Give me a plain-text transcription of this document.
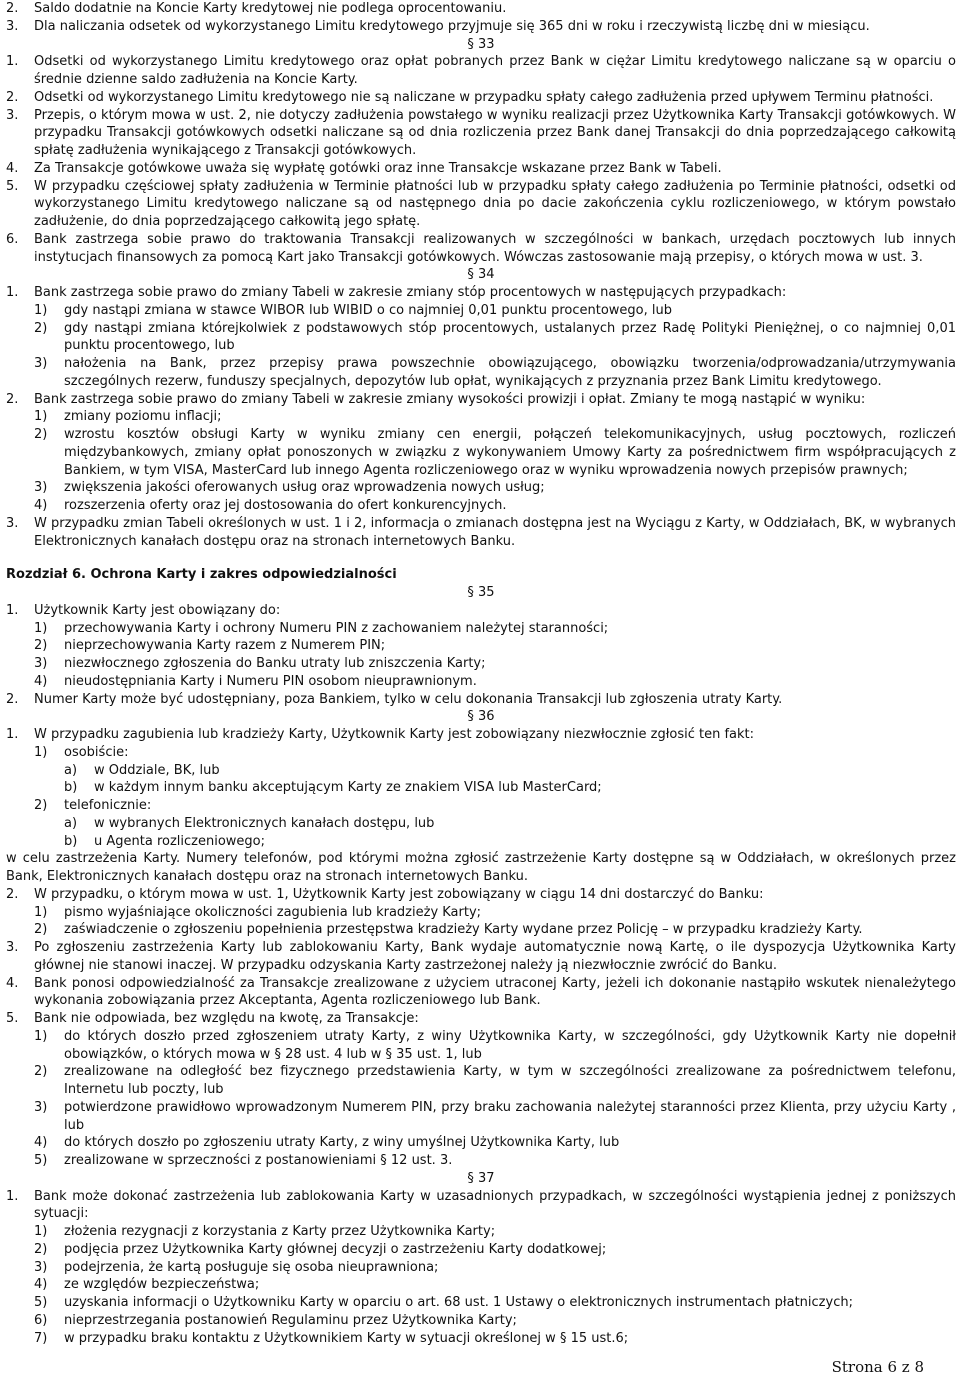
2.	Saldo dodatnie na Koncie Karty kredytowej nie podlega oprocentowaniu.
3.	Dla naliczania odsetek od wykorzystanego Limitu kredytowego przyjmuje się 365 dni w roku i rzeczywistą liczbę dni w miesiącu.
§ 33
1.	Odsetki od wykorzystanego Limitu kredytowego oraz opłat pobranych przez Bank w ciężar Limitu kredytowego naliczane są w oparciu o średnie dzienne saldo zadłużenia na Koncie Karty.
2.	Odsetki od wykorzystanego Limitu kredytowego nie są naliczane w przypadku spłaty całego zadłużenia przed upływem Terminu płatności.
3.	Przepis, o którym mowa w ust. 2, nie dotyczy zadłużenia powstałego w wyniku realizacji przez Użytkownika Karty Transakcji gotówkowych. W przypadku Transakcji gotówkowych odsetki naliczane są od dnia rozliczenia przez Bank danej Transakcji do dnia poprzedzającego całkowitą spłatę zadłużenia wynikającego z Transakcji gotówkowych.
4.	Za Transakcje gotówkowe uważa się wypłatę gotówki oraz inne Transakcje wskazane przez Bank w Tabeli.
5.	W przypadku częściowej spłaty zadłużenia w Terminie płatności lub w przypadku spłaty całego zadłużenia po Terminie płatności, odsetki od wykorzystanego Limitu kredytowego naliczane są od następnego dnia po dacie zakończenia cyklu rozliczeniowego, w którym powstało zadłużenie, do dnia poprzedzającego całkowitą jego spłatę.
6.	Bank zastrzega sobie prawo do traktowania Transakcji realizowanych w szczególności w bankach, urzędach pocztowych lub innych instytucjach finansowych za pomocą Kart jako Transakcji gotówkowych. Wówczas zastosowanie mają przepisy, o których mowa w ust. 3.
§ 34
1.	Bank zastrzega sobie prawo do zmiany Tabeli w zakresie zmiany stóp procentowych w następujących przypadkach:
1)	gdy nastąpi zmiana w stawce WIBOR lub WIBID o co najmniej 0,01 punktu procentowego, lub
2)	gdy nastąpi zmiana którejkolwiek z podstawowych stóp procentowych, ustalanych przez Radę Polityki Pieniężnej, o co najmniej 0,01 punktu procentowego, lub
3)	nałożenia na Bank, przez przepisy prawa powszechnie obowiązującego, obowiązku tworzenia/odprowadzania/utrzymywania szczególnych rezerw, funduszy specjalnych, depozytów lub opłat, wynikających z przyznania przez Bank Limitu kredytowego.
2.	Bank zastrzega sobie prawo do zmiany Tabeli w zakresie zmiany wysokości prowizji i opłat. Zmiany te mogą nastąpić w wyniku:
1)	zmiany poziomu inflacji;
2)	wzrostu kosztów obsługi Karty w wyniku zmiany cen energii, połączeń telekomunikacyjnych, usług pocztowych, rozliczeń międzybankowych, zmiany opłat ponoszonych w związku z wykonywaniem Umowy Karty za pośrednictwem firm współpracujących z Bankiem, w tym VISA, MasterCard lub innego Agenta rozliczeniowego oraz w wyniku wprowadzenia nowych przepisów prawnych;
3)	zwiększenia jakości oferowanych usług oraz wprowadzenia nowych usług;
4)	rozszerzenia oferty oraz jej dostosowania do ofert konkurencyjnych.
3.	W przypadku zmian Tabeli określonych w ust. 1 i 2, informacja o zmianach dostępna jest na Wyciągu z Karty, w Oddziałach, BK, w wybranych Elektronicznych kanałach dostępu oraz na stronach internetowych Banku.
Rozdział 6. Ochrona Karty i zakres odpowiedzialności
§ 35
1.	Użytkownik Karty jest obowiązany do:
1)	przechowywania Karty i ochrony Numeru PIN z zachowaniem należytej staranności;
2)	nieprzechowywania Karty razem z Numerem PIN;
3)	niezwłocznego zgłoszenia do Banku utraty lub zniszczenia Karty;
4)	nieudostępniania Karty i Numeru PIN osobom nieuprawnionym.
2.	Numer Karty może być udostępniany, poza Bankiem, tylko w celu dokonania Transakcji lub zgłoszenia utraty Karty.
§ 36
1.	W przypadku zagubienia lub kradzieży Karty, Użytkownik Karty jest zobowiązany niezwłocznie zgłosić ten fakt:
1)	osobiście:
a)	w Oddziale, BK, lub
b)	w każdym innym banku akceptującym Karty ze znakiem VISA lub MasterCard;
2)	telefonicznie:
a)	w wybranych Elektronicznych kanałach dostępu, lub
b)	u Agenta rozliczeniowego;
w celu zastrzeżenia Karty. Numery telefonów, pod którymi można zgłosić zastrzeżenie Karty dostępne są w Oddziałach, w określonych przez Bank, Elektronicznych kanałach dostępu oraz na stronach internetowych Banku.
2.	W przypadku, o którym mowa w ust. 1, Użytkownik Karty jest zobowiązany w ciągu 14 dni dostarczyć do Banku:
1)	pismo wyjaśniające okoliczności zagubienia lub kradzieży Karty;
2)	zaświadczenie o zgłoszeniu popełnienia przestępstwa kradzieży Karty wydane przez Policję – w przypadku kradzieży Karty.
3.	Po zgłoszeniu zastrzeżenia Karty lub zablokowaniu Karty, Bank wydaje automatycznie nową Kartę, o ile dyspozycja Użytkownika Karty głównej nie stanowi inaczej. W przypadku odzyskania Karty zastrzeżonej należy ją niezwłocznie zwrócić do Banku.
4.	Bank ponosi odpowiedzialność za Transakcje zrealizowane z użyciem utraconej Karty, jeżeli ich dokonanie nastąpiło wskutek nienależytego wykonania zobowiązania przez Akceptanta, Agenta rozliczeniowego lub Bank.
5.	Bank nie odpowiada, bez względu na kwotę, za Transakcje:
1)	do których doszło przed zgłoszeniem utraty Karty, z winy Użytkownika Karty, w szczególności, gdy Użytkownik Karty nie dopełnił obowiązków, o których mowa w § 28 ust. 4 lub w § 35 ust. 1, lub
2)	zrealizowane na odległość bez fizycznego przedstawienia Karty, w tym w szczególności zrealizowane za pośrednictwem telefonu, Internetu lub poczty, lub
3)	potwierdzone prawidłowo wprowadzonym Numerem PIN, przy braku zachowania należytej staranności przez Klienta, przy użyciu Karty , lub
4)	do których doszło po zgłoszeniu utraty Karty, z winy umyślnej Użytkownika Karty, lub
5)	zrealizowane w sprzeczności z postanowieniami § 12 ust. 3.
§ 37
1.	Bank może dokonać zastrzeżenia lub zablokowania Karty w uzasadnionych przypadkach, w szczególności wystąpienia jednej z poniższych sytuacji:
1)	złożenia rezygnacji z korzystania z Karty przez Użytkownika Karty;
2)	podjęcia przez Użytkownika Karty głównej decyzji o zastrzeżeniu Karty dodatkowej;
3)	podejrzenia, że kartą posługuje się osoba nieuprawniona;
4)	ze względów bezpieczeństwa;
5)	uzyskania informacji o Użytkowniku Karty w oparciu o art. 68 ust. 1 Ustawy o elektronicznych instrumentach płatniczych;
6)	nieprzestrzegania postanowień Regulaminu przez Użytkownika Karty;
7)	w przypadku braku kontaktu z Użytkownikiem Karty w sytuacji określonej w § 15 ust.6;
Strona 6 z 8
